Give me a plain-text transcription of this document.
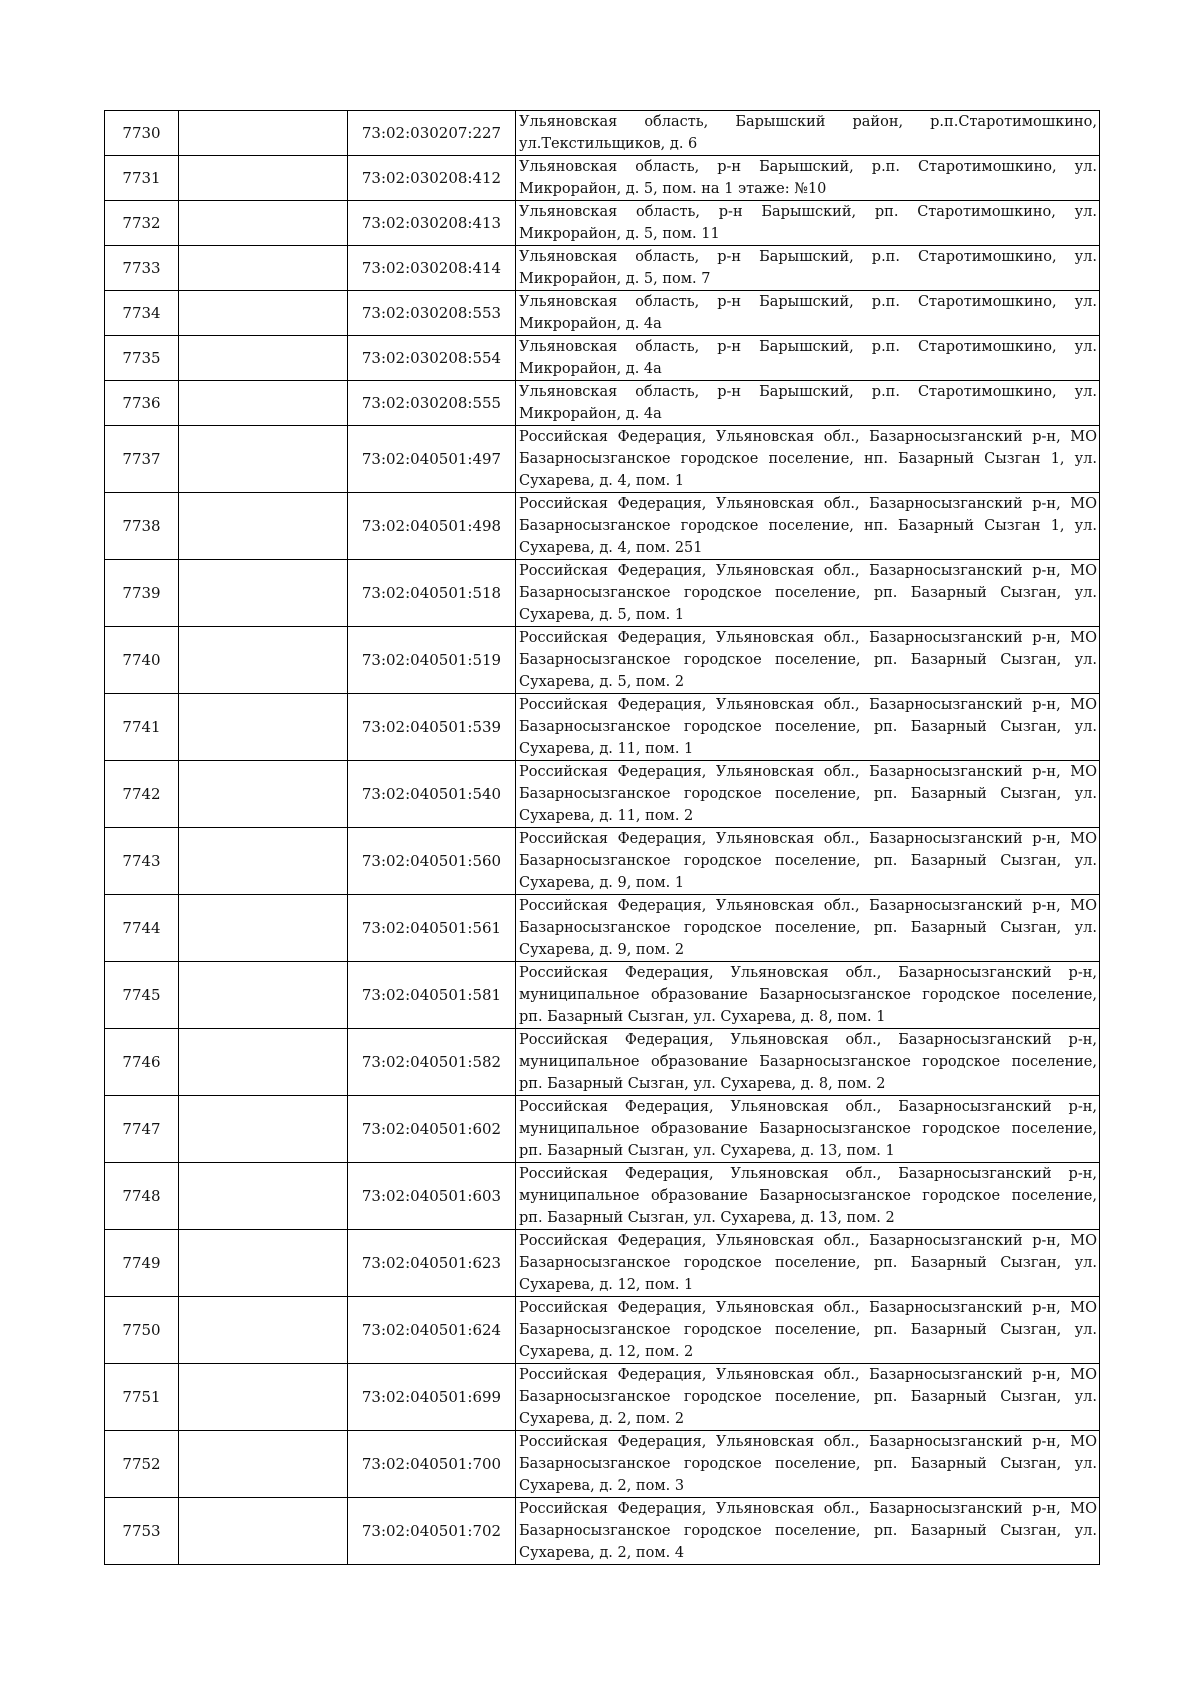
7730		73:02:030207:227	Ульяновская область, Барышский район, р.п.Старотимошкино, ул.Текстильщиков, д. 6
7731		73:02:030208:412	Ульяновская область, р-н Барышский, р.п. Старотимошкино, ул. Микрорайон, д. 5, пом. на 1 этаже: №10
7732		73:02:030208:413	Ульяновская область, р-н Барышский, рп. Старотимошкино, ул. Микрорайон, д. 5, пом. 11
7733		73:02:030208:414	Ульяновская область, р-н Барышский, р.п. Старотимошкино, ул. Микрорайон, д. 5, пом. 7
7734		73:02:030208:553	Ульяновская область, р-н Барышский, р.п. Старотимошкино, ул. Микрорайон, д. 4а
7735		73:02:030208:554	Ульяновская область, р-н Барышский, р.п. Старотимошкино, ул. Микрорайон, д. 4а
7736		73:02:030208:555	Ульяновская область, р-н Барышский, р.п. Старотимошкино, ул. Микрорайон, д. 4а
7737		73:02:040501:497	Российская Федерация, Ульяновская обл., Базарносызганский р-н, МО Базарносызганское городское поселение, нп. Базарный Сызган 1, ул. Сухарева, д. 4, пом. 1
7738		73:02:040501:498	Российская Федерация, Ульяновская обл., Базарносызганский р-н, МО Базарносызганское городское поселение, нп. Базарный Сызган 1, ул. Сухарева, д. 4, пом. 251
7739		73:02:040501:518	Российская Федерация, Ульяновская обл., Базарносызганский р-н, МО Базарносызганское городское поселение, рп. Базарный Сызган, ул. Сухарева, д. 5, пом. 1
7740		73:02:040501:519	Российская Федерация, Ульяновская обл., Базарносызганский р-н, МО Базарносызганское городское поселение, рп. Базарный Сызган, ул. Сухарева, д. 5, пом. 2
7741		73:02:040501:539	Российская Федерация, Ульяновская обл., Базарносызганский р-н, МО Базарносызганское городское поселение, рп. Базарный Сызган, ул. Сухарева, д. 11, пом. 1
7742		73:02:040501:540	Российская Федерация, Ульяновская обл., Базарносызганский р-н, МО Базарносызганское городское поселение, рп. Базарный Сызган, ул. Сухарева, д. 11, пом. 2
7743		73:02:040501:560	Российская Федерация, Ульяновская обл., Базарносызганский р-н, МО Базарносызганское городское поселение, рп. Базарный Сызган, ул. Сухарева, д. 9, пом. 1
7744		73:02:040501:561	Российская Федерация, Ульяновская обл., Базарносызганский р-н, МО Базарносызганское городское поселение, рп. Базарный Сызган, ул. Сухарева, д. 9, пом. 2
7745		73:02:040501:581	Российская Федерация, Ульяновская обл., Базарносызганский р-н, муниципальное образование Базарносызганское городское поселение, рп. Базарный Сызган, ул. Сухарева, д. 8, пом. 1
7746		73:02:040501:582	Российская Федерация, Ульяновская обл., Базарносызганский р-н, муниципальное образование Базарносызганское городское поселение, рп. Базарный Сызган, ул. Сухарева, д. 8, пом. 2
7747		73:02:040501:602	Российская Федерация, Ульяновская обл., Базарносызганский р-н, муниципальное образование Базарносызганское городское поселение, рп. Базарный Сызган, ул. Сухарева, д. 13, пом. 1
7748		73:02:040501:603	Российская Федерация, Ульяновская обл., Базарносызганский р-н, муниципальное образование Базарносызганское городское поселение, рп. Базарный Сызган, ул. Сухарева, д. 13, пом. 2
7749		73:02:040501:623	Российская Федерация, Ульяновская обл., Базарносызганский р-н, МО Базарносызганское городское поселение, рп. Базарный Сызган, ул. Сухарева, д. 12, пом. 1
7750		73:02:040501:624	Российская Федерация, Ульяновская обл., Базарносызганский р-н, МО Базарносызганское городское поселение, рп. Базарный Сызган, ул. Сухарева, д. 12, пом. 2
7751		73:02:040501:699	Российская Федерация, Ульяновская обл., Базарносызганский р-н, МО Базарносызганское городское поселение, рп. Базарный Сызган, ул. Сухарева, д. 2, пом. 2
7752		73:02:040501:700	Российская Федерация, Ульяновская обл., Базарносызганский р-н, МО Базарносызганское городское поселение, рп. Базарный Сызган, ул. Сухарева, д. 2, пом. 3
7753		73:02:040501:702	Российская Федерация, Ульяновская обл., Базарносызганский р-н, МО Базарносызганское городское поселение, рп. Базарный Сызган, ул. Сухарева, д. 2, пом. 4
